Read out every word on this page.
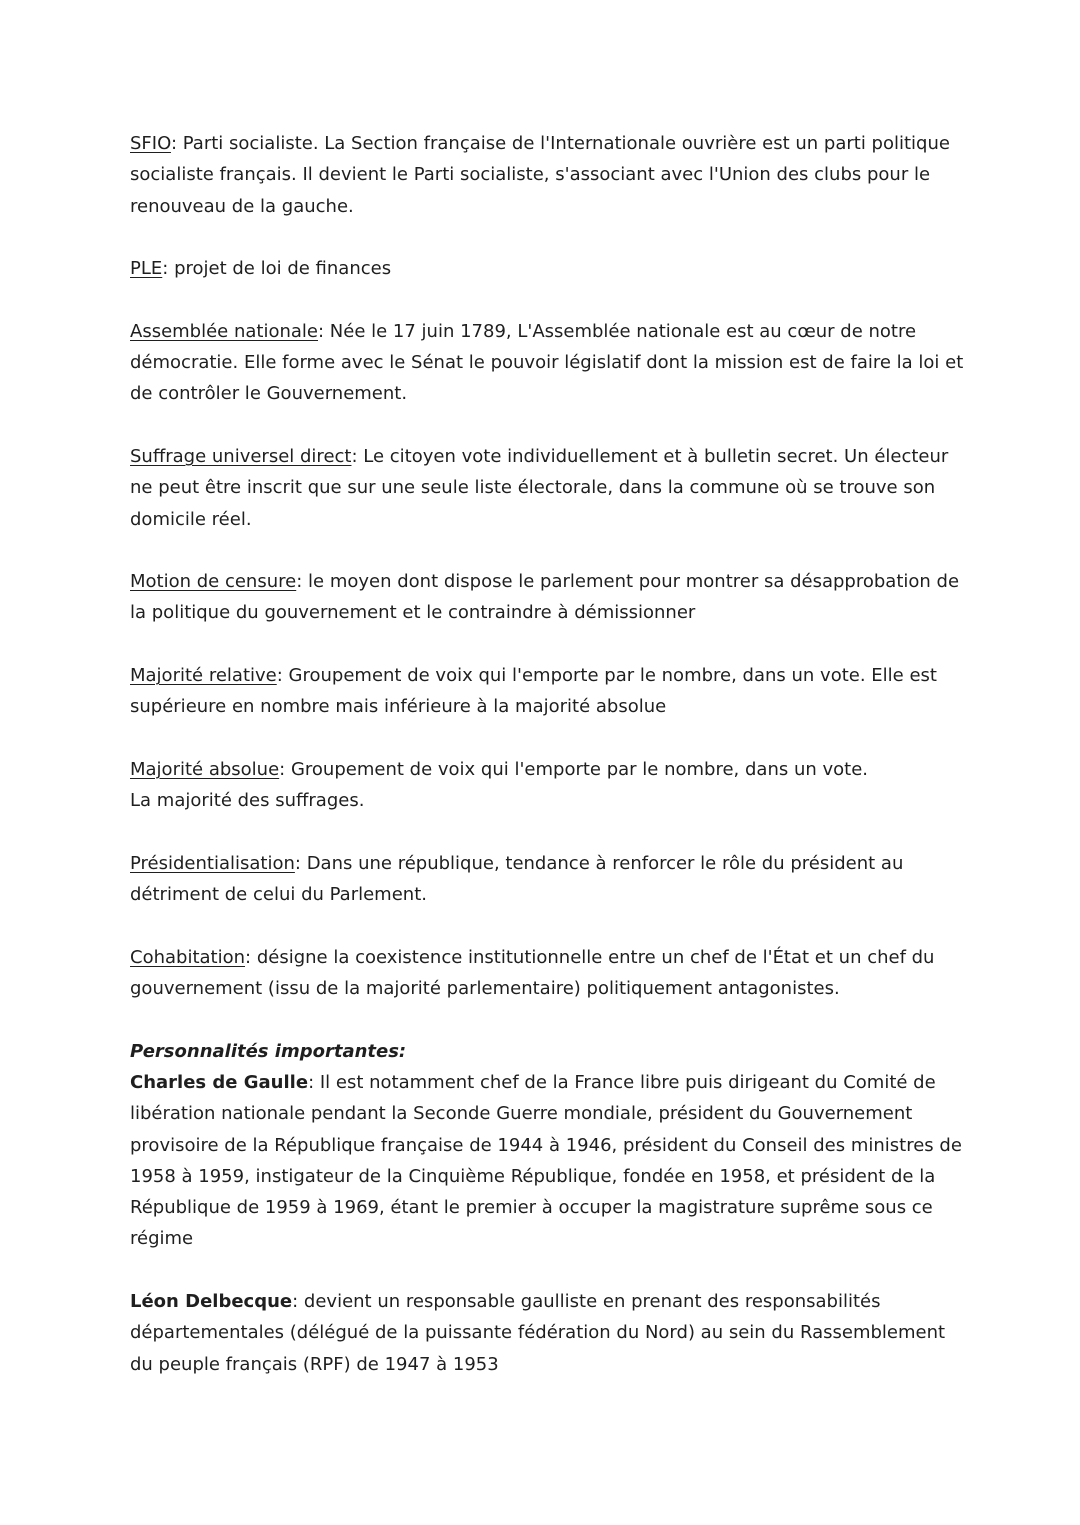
SFIO: Parti socialiste. La Section française de l'Internationale ouvrière est un parti politique socialiste français. Il devient le Parti socialiste, s'associant avec l'Union des clubs pour le renouveau de la gauche.

PLE: projet de loi de finances

Assemblée nationale: Née le 17 juin 1789, L'Assemblée nationale est au cœur de notre démocratie. Elle forme avec le Sénat le pouvoir législatif dont la mission est de faire la loi et de contrôler le Gouvernement.

Suffrage universel direct: Le citoyen vote individuellement et à bulletin secret. Un électeur ne peut être inscrit que sur une seule liste électorale, dans la commune où se trouve son domicile réel.

Motion de censure: le moyen dont dispose le parlement pour montrer sa désapprobation de la politique du gouvernement et le contraindre à démissionner

Majorité relative: Groupement de voix qui l'emporte par le nombre, dans un vote. Elle est supérieure en nombre mais inférieure à la majorité absolue

Majorité absolue: Groupement de voix qui l'emporte par le nombre, dans un vote.
La majorité des suffrages.

Présidentialisation: Dans une république, tendance à renforcer le rôle du président au détriment de celui du Parlement.

Cohabitation: désigne la coexistence institutionnelle entre un chef de l'État et un chef du gouvernement (issu de la majorité parlementaire) politiquement antagonistes.

Personnalités importantes:

Charles de Gaulle: Il est notamment chef de la France libre puis dirigeant du Comité de libération nationale pendant la Seconde Guerre mondiale, président du Gouvernement provisoire de la République française de 1944 à 1946, président du Conseil des ministres de 1958 à 1959, instigateur de la Cinquième République, fondée en 1958, et président de la République de 1959 à 1969, étant le premier à occuper la magistrature suprême sous ce régime

Léon Delbecque: devient un responsable gaulliste en prenant des responsabilités départementales (délégué de la puissante fédération du Nord) au sein du Rassemblement du peuple français (RPF) de 1947 à 1953
